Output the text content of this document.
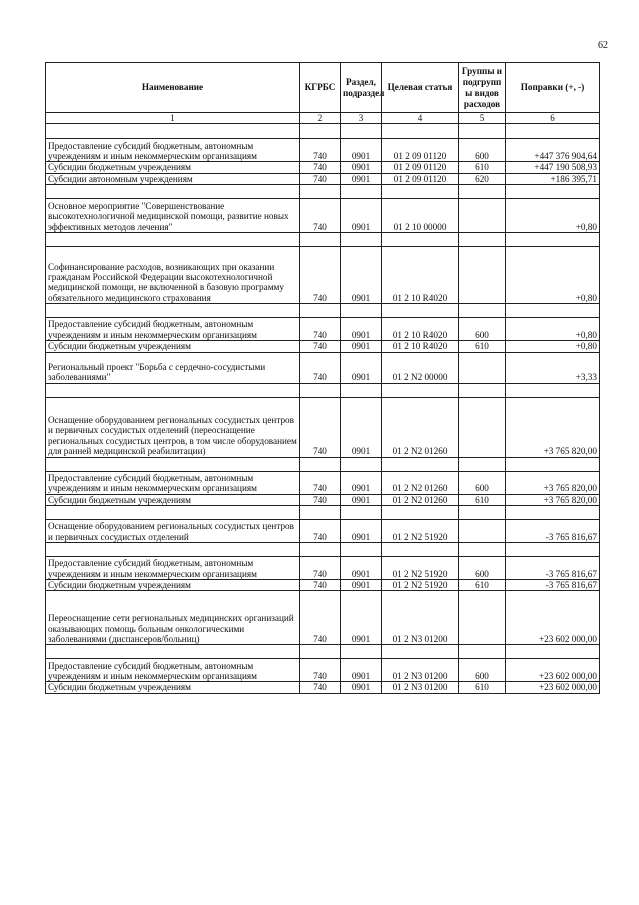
62
Наименование	КГРБС	Раздел, подраздел	Целевая статья	Группы и подгрупп ы видов расходов	Поправки (+, -)
1	2	3	4	5	6

Предоставление субсидий бюджетным, автономным учреждениям и иным некоммерческим организациям	740	0901	01 2 09 01120	600	+447 376 904,64
Субсидии бюджетным учреждениям	740	0901	01 2 09 01120	610	+447 190 508,93
Субсидии автономным учреждениям	740	0901	01 2 09 01120	620	+186 395,71

Основное мероприятие "Совершенствование высокотехнологичной медицинской помощи, развитие новых эффективных методов лечения"	740	0901	01 2 10 00000		+0,80

Софинансирование расходов, возникающих при оказании гражданам Российской Федерации высокотехнологичной медицинской помощи, не включенной в базовую программу обязательного медицинского страхования	740	0901	01 2 10 R4020		+0,80

Предоставление субсидий бюджетным, автономным учреждениям и иным некоммерческим организациям	740	0901	01 2 10 R4020	600	+0,80
Субсидии бюджетным учреждениям	740	0901	01 2 10 R4020	610	+0,80
Региональный проект "Борьба с сердечно-сосудистыми заболеваниями"	740	0901	01 2 N2 00000		+3,33

Оснащение оборудованием региональных сосудистых центров и первичных сосудистых отделений (переоснащение региональных сосудистых центров, в том числе оборудованием для ранней медицинской реабилитации)	740	0901	01 2 N2 01260		+3 765 820,00

Предоставление субсидий бюджетным, автономным учреждениям и иным некоммерческим организациям	740	0901	01 2 N2 01260	600	+3 765 820,00
Субсидии бюджетным учреждениям	740	0901	01 2 N2 01260	610	+3 765 820,00

Оснащение оборудованием региональных сосудистых центров и первичных сосудистых отделений	740	0901	01 2 N2 51920		-3 765 816,67

Предоставление субсидий бюджетным, автономным учреждениям и иным некоммерческим организациям	740	0901	01 2 N2 51920	600	-3 765 816,67
Субсидии бюджетным учреждениям	740	0901	01 2 N2 51920	610	-3 765 816,67
Переоснащение сети региональных медицинских организаций оказывающих помощь больным онкологическими заболеваниями (диспансеров/больниц)	740	0901	01 2 N3 01200		+23 602 000,00

Предоставление субсидий бюджетным, автономным учреждениям и иным некоммерческим организациям	740	0901	01 2 N3 01200	600	+23 602 000,00
Субсидии бюджетным учреждениям	740	0901	01 2 N3 01200	610	+23 602 000,00
